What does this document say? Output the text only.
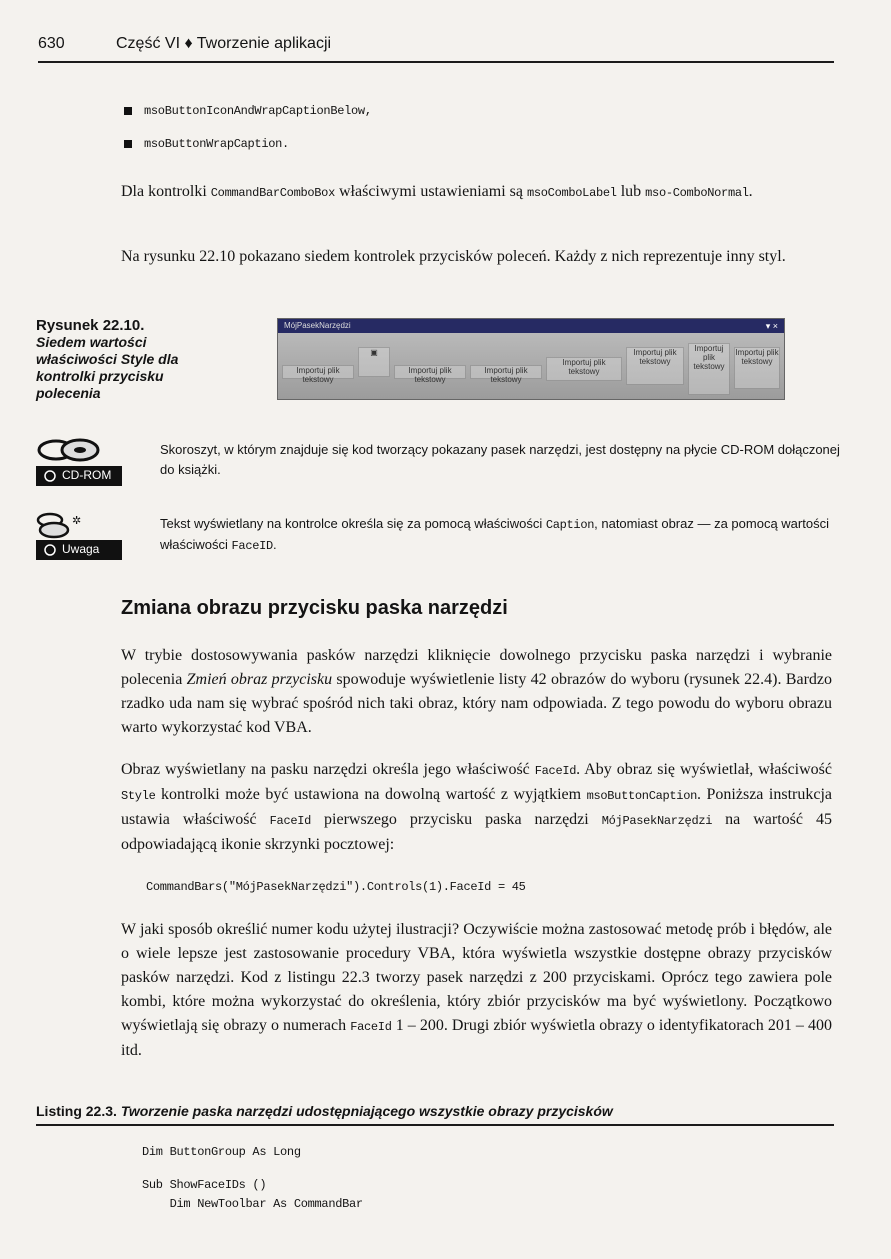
630	Część VI ♦ Tworzenie aplikacji
msoButtonIconAndWrapCaptionBelow,
msoButtonWrapCaption.

Dla kontrolki CommandBarComboBox właściwymi ustawieniami są msoComboLabel lub mso-ComboNormal.

Na rysunku 22.10 pokazano siedem kontrolek przycisków poleceń. Każdy z nich reprezentuje inny styl.

Rysunek 22.10.
Siedem wartości właściwości Style dla kontrolki przycisku polecenia
MójPasekNarzędzi	▾ ×
Importuj plik tekstowy
▣
Importuj plik tekstowy
Importuj plik tekstowy
Importuj plik tekstowy
Importuj plik tekstowy
Importuj plik tekstowy
Importuj plik tekstowy
CD-ROM

Skoroszyt, w którym znajduje się kod tworzący pokazany pasek narzędzi, jest dostępny na płycie CD-ROM dołączonej do książki.

✲
Uwaga

Tekst wyświetlany na kontrolce określa się za pomocą właściwości Caption, natomiast obraz — za pomocą wartości właściwości FaceID.

Zmiana obrazu przycisku paska narzędzi

W trybie dostosowywania pasków narzędzi kliknięcie dowolnego przycisku paska narzędzi i wybranie polecenia Zmień obraz przycisku spowoduje wyświetlenie listy 42 obrazów do wyboru (rysunek 22.4). Bardzo rzadko uda nam się wybrać spośród nich taki obraz, który nam odpowiada. Z tego powodu do wyboru obrazu warto wykorzystać kod VBA.

Obraz wyświetlany na pasku narzędzi określa jego właściwość FaceId. Aby obraz się wyświetlał, właściwość Style kontrolki może być ustawiona na dowolną wartość z wyjątkiem msoButtonCaption. Poniższa instrukcja ustawia właściwość FaceId pierwszego przycisku paska narzędzi MójPasekNarzędzi na wartość 45 odpowiadającą ikonie skrzynki pocztowej:

CommandBars("MójPasekNarzędzi").Controls(1).FaceId = 45

W jaki sposób określić numer kodu użytej ilustracji? Oczywiście można zastosować metodę prób i błędów, ale o wiele lepsze jest zastosowanie procedury VBA, która wyświetla wszystkie dostępne obrazy przycisków pasków narzędzi. Kod z listingu 22.3 tworzy pasek narzędzi z 200 przyciskami. Oprócz tego zawiera pole kombi, które można wykorzystać do określenia, który zbiór przycisków ma być wyświetlony. Początkowo wyświetlają się obrazy o numerach FaceId 1 – 200. Drugi zbiór wyświetla obrazy o identyfikatorach 201 – 400 itd.

Listing 22.3. Tworzenie paska narzędzi udostępniającego wszystkie obrazy przycisków
Dim ButtonGroup As Long
Sub ShowFaceIDs ()
Dim NewToolbar As CommandBar
